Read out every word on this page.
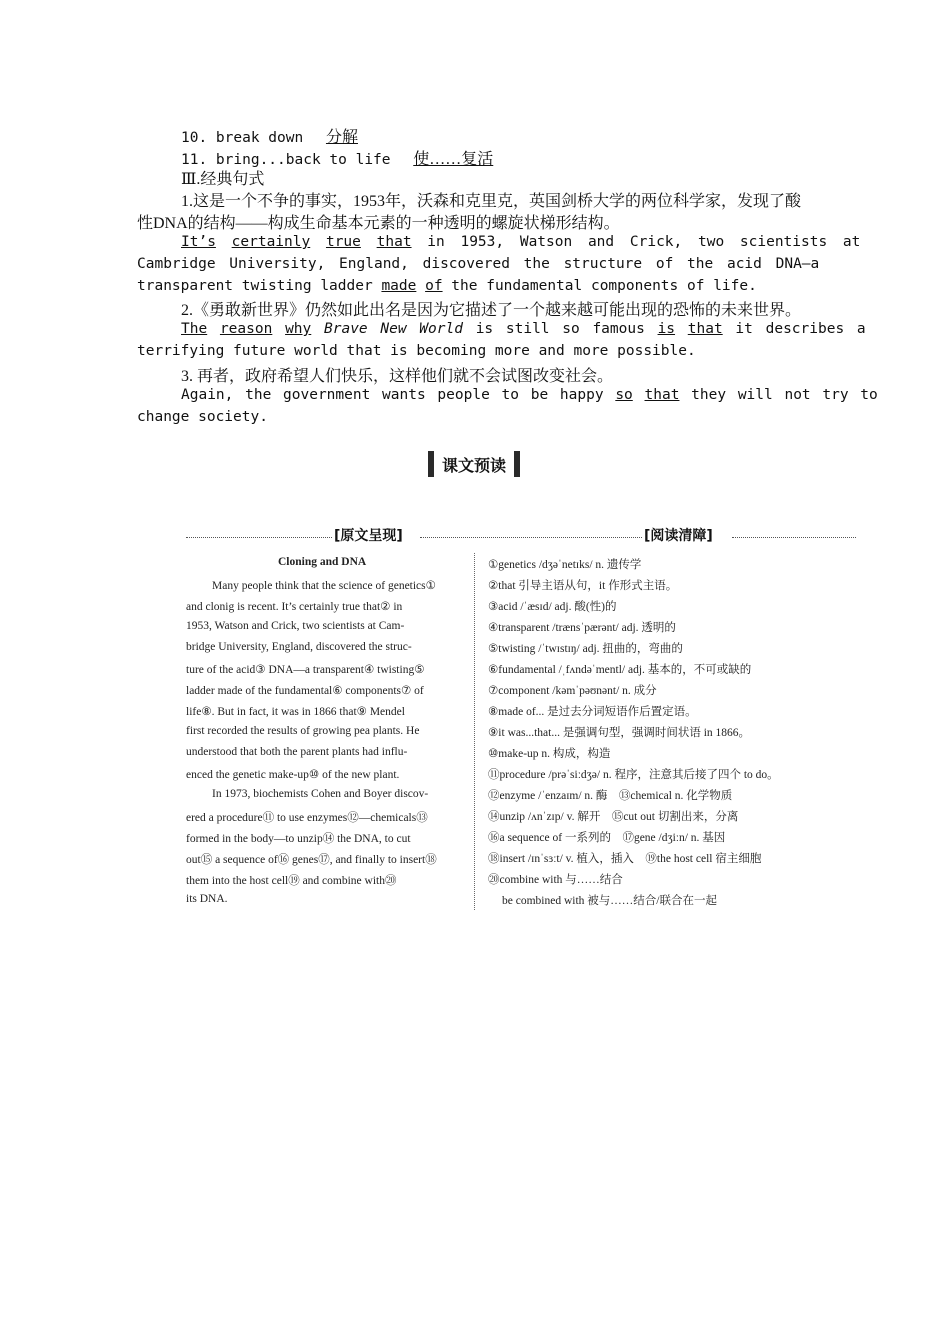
10. break down 分解
11. bring...back to life 使……复活
Ⅲ.经典句式
1.这是一个不争的事实，1953年，沃森和克里克，英国剑桥大学的两位科学家，发现了酸
性DNA的结构——构成生命基本元素的一种透明的螺旋状梯形结构。
It’s certainly true that in 1953, Watson and Crick, two scientists at
Cambridge University, England, discovered the structure of the acid DNA—a
transparent twisting ladder made of the fundamental components of life.
2.《勇敢新世界》仍然如此出名是因为它描述了一个越来越可能出现的恐怖的未来世界。
The reason why Brave New World is still so famous is that it describes a
terrifying future world that is becoming more and more possible.
3. 再者，政府希望人们快乐，这样他们就不会试图改变社会。
Again, the government wants people to be happy so that they will not try to
change society.
课文预读
[原文呈现]	[阅读清障]
Cloning and DNA
Many people think that the science of genetics①
and clonig is recent. It’s certainly true that② in
1953, Watson and Crick, two scientists at Cam-
bridge University, England, discovered the struc-
ture of the acid③ DNA—a transparent④ twisting⑤
ladder made of the fundamental⑥ components⑦ of
life⑧. But in fact, it was in 1866 that⑨ Mendel
first recorded the results of growing pea plants. He
understood that both the parent plants had influ-
enced the genetic make-up⑩ of the new plant.
In 1973, biochemists Cohen and Boyer discov-
ered a procedure⑪ to use enzymes⑫—chemicals⑬
formed in the body—to unzip⑭ the DNA, to cut
out⑮ a sequence of⑯ genes⑰, and finally to insert⑱
them into the host cell⑲ and combine with⑳
its DNA.
①genetics /dʒəˈnetɪks/ n. 遗传学
②that 引导主语从句，it 作形式主语。
③acid /ˈæsɪd/ adj. 酸(性)的
④transparent /trænsˈpærənt/ adj. 透明的
⑤twisting /ˈtwɪstɪŋ/ adj. 扭曲的，弯曲的
⑥fundamental /ˌfʌndəˈmentl/ adj. 基本的，不可或缺的
⑦component /kəmˈpəʊnənt/ n. 成分
⑧made of... 是过去分词短语作后置定语。
⑨it was...that... 是强调句型，强调时间状语 in 1866。
⑩make-up n. 构成，构造
⑪procedure /prəˈsiːdʒə/ n. 程序，注意其后接了四个 to do。
⑫enzyme /ˈenzaɪm/ n. 酶　⑬chemical n. 化学物质
⑭unzip /ʌnˈzɪp/ v. 解开　⑮cut out 切割出来，分离
⑯a sequence of 一系列的　⑰gene /dʒiːn/ n. 基因
⑱insert /ɪnˈsɜːt/ v. 植入，插入　⑲the host cell 宿主细胞
⑳combine with 与……结合
be combined with 被与……结合/联合在一起
